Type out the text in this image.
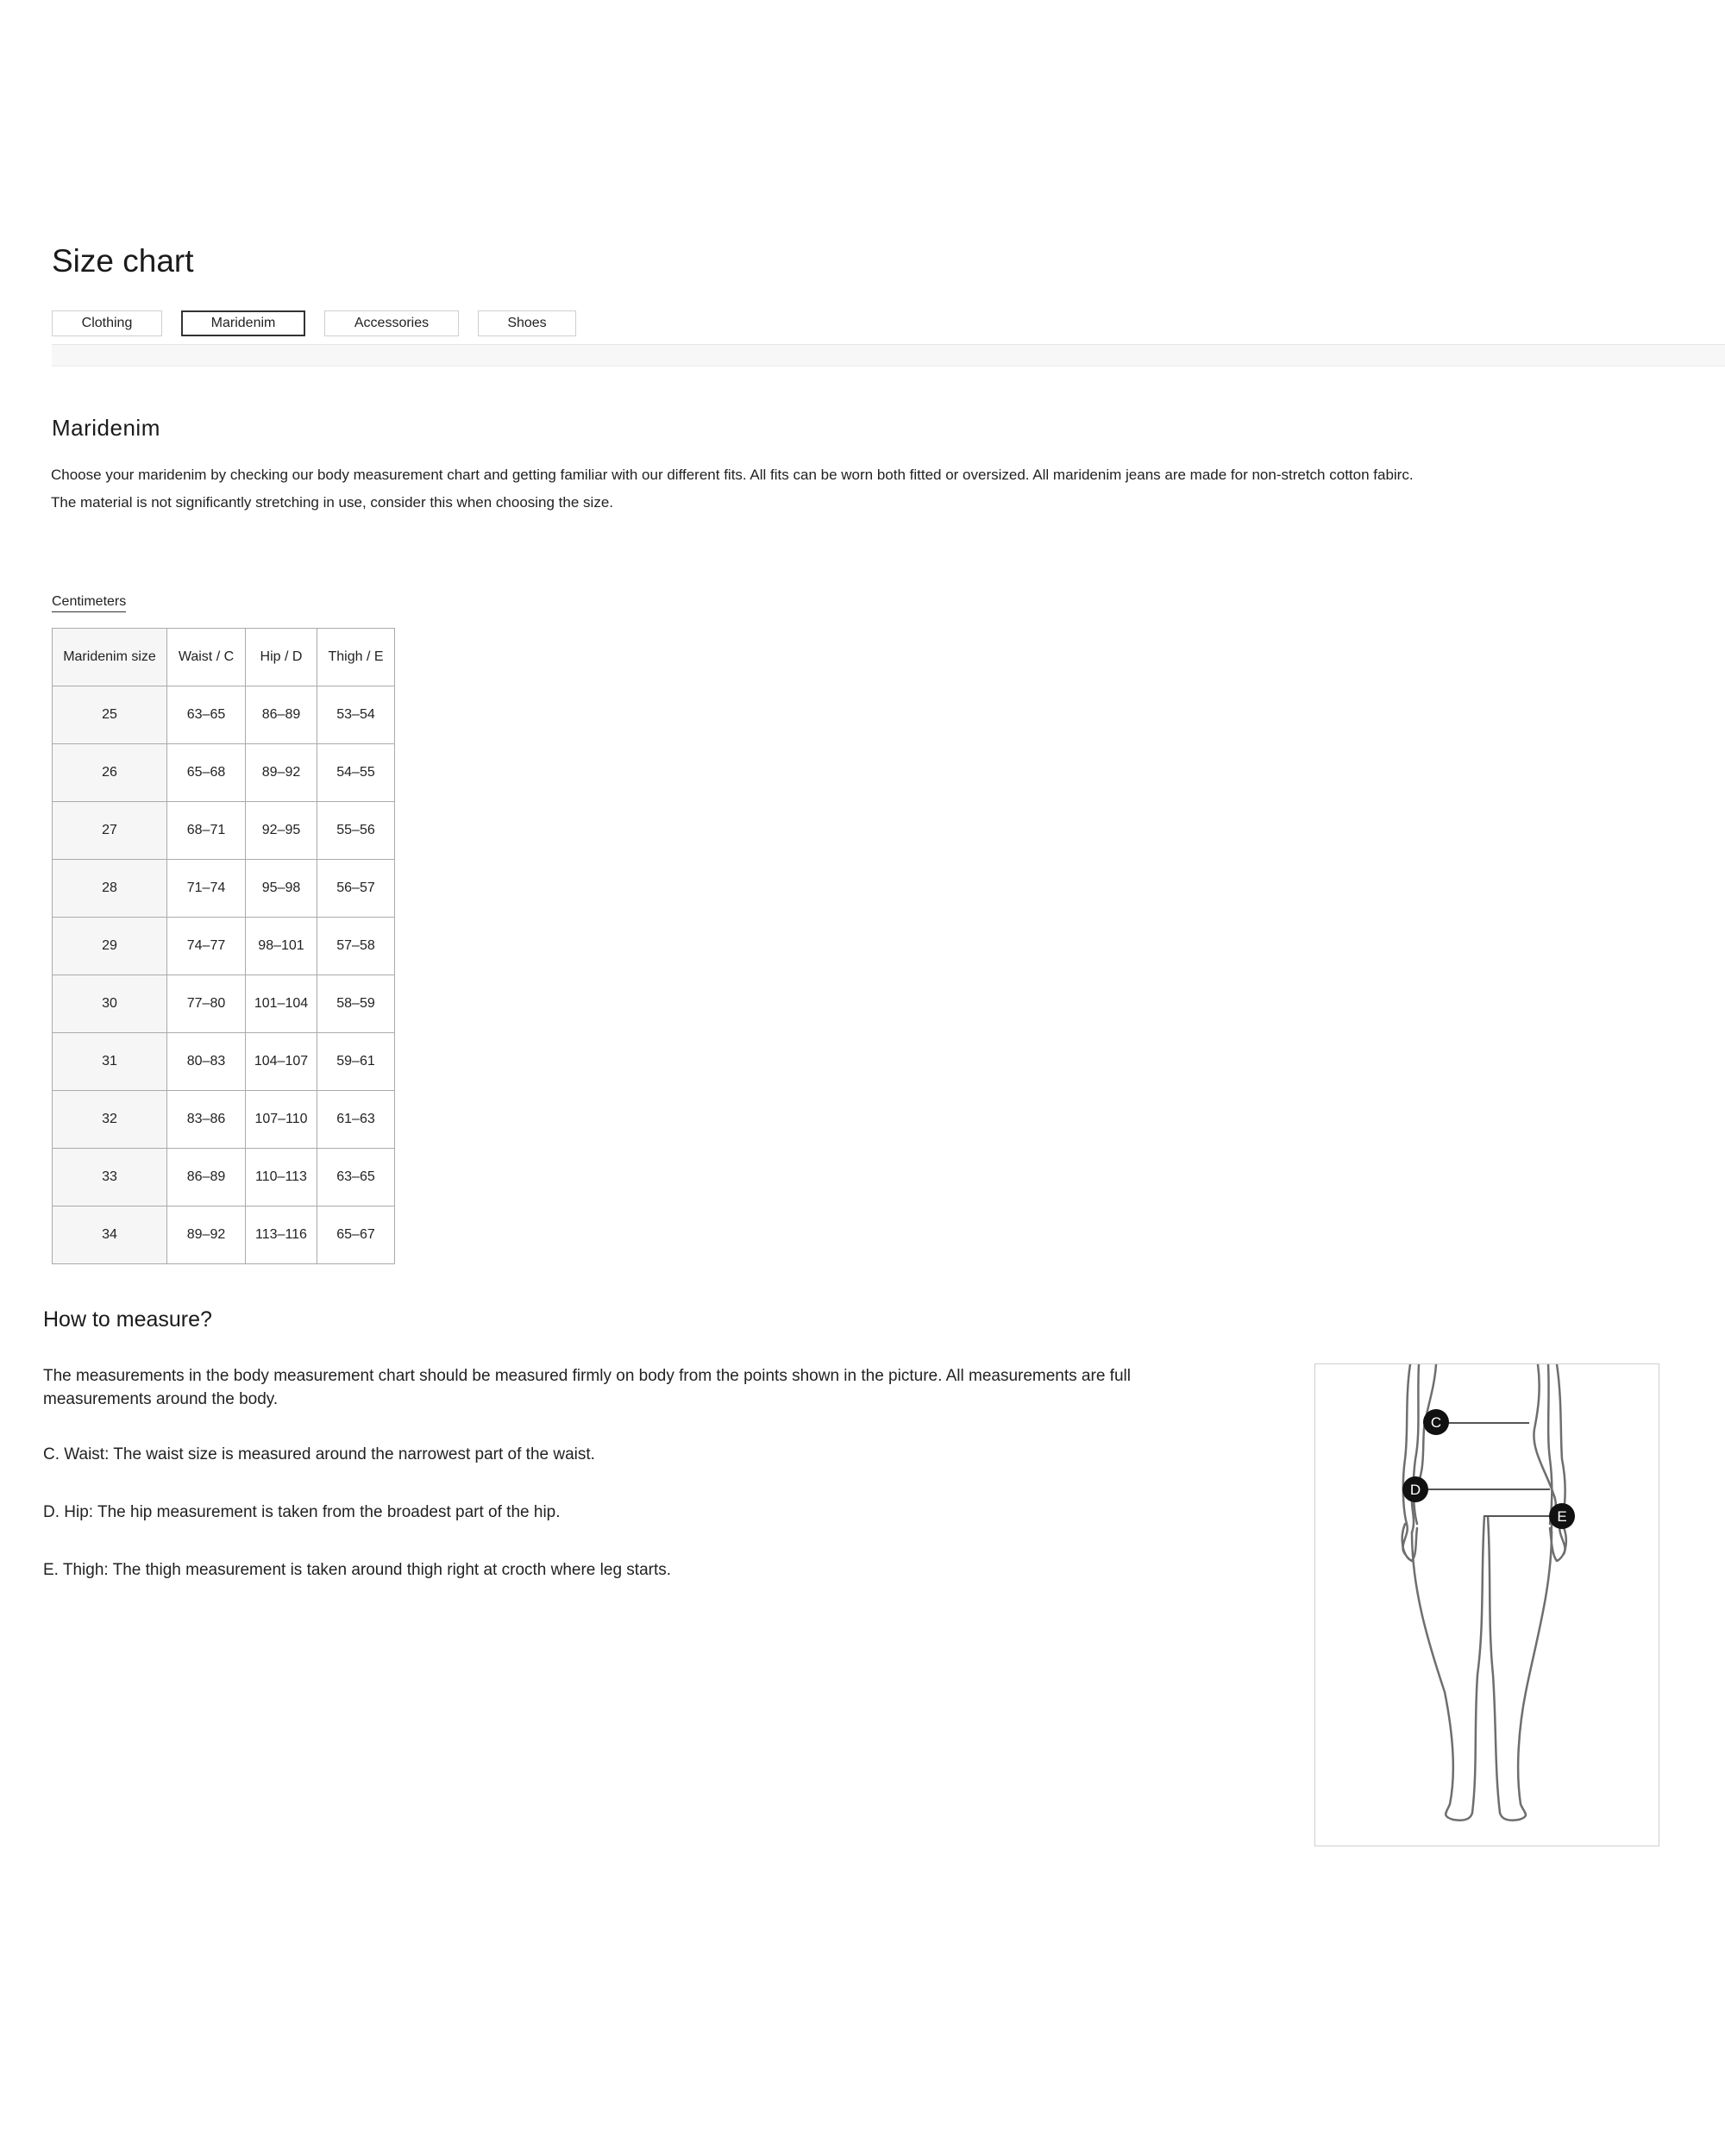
Size chart
Clothing	Maridenim	Accessories	Shoes
Maridenim
Choose your maridenim by checking our body measurement chart and getting familiar with our different fits. All fits can be worn both fitted or oversized. All maridenim jeans are made for non-stretch cotton fabirc.
The material is not significantly stretching in use, consider this when choosing the size.
Centimeters
Maridenim size	Waist / C	Hip / D	Thigh / E
25	63–65	86–89	53–54
26	65–68	89–92	54–55
27	68–71	92–95	55–56
28	71–74	95–98	56–57
29	74–77	98–101	57–58
30	77–80	101–104	58–59
31	80–83	104–107	59–61
32	83–86	107–110	61–63
33	86–89	110–113	63–65
34	89–92	113–116	65–67
How to measure?

The measurements in the body measurement chart should be measured firmly on body from the points shown in the picture. All measurements are full measurements around the body.

C. Waist: The waist size is measured around the narrowest part of the waist.

D. Hip: The hip measurement is taken from the broadest part of the hip.

E. Thigh: The thigh measurement is taken around thigh right at crocth where leg starts.

C
D
E
